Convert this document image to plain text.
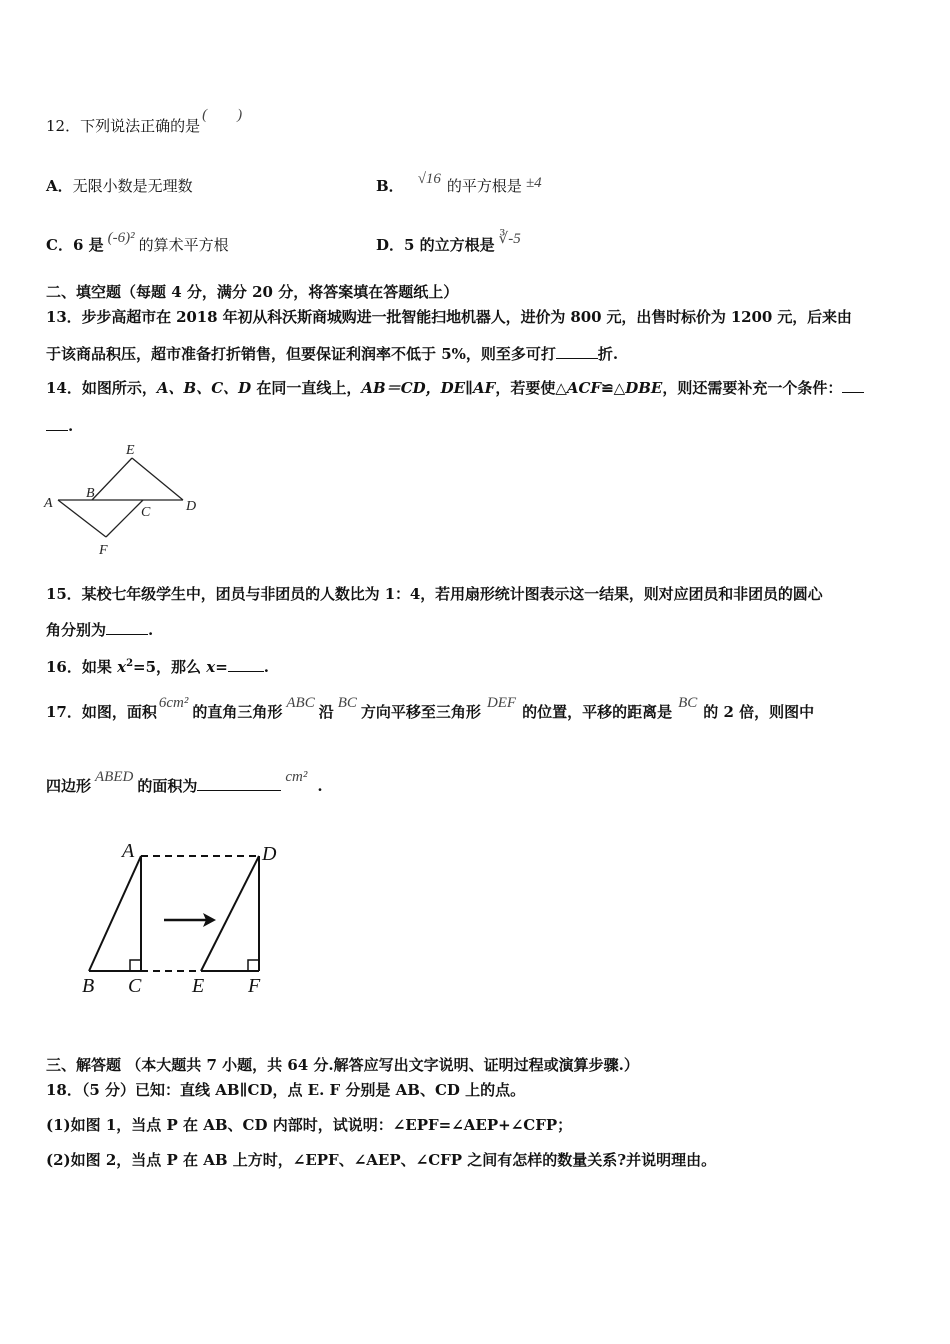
12．下列说法正确的是(　　)
A．无限小数是无理数	B． √16 的平方根是 ±4
C．6 是 (-6)² 的算术平方根	D．5 的立方根是 ∛-5
二、填空题（每题 4 分，满分 20 分，将答案填在答题纸上）
13．步步高超市在 2018 年初从科沃斯商城购进一批智能扫地机器人，进价为 800 元，出售时标价为 1200 元，后来由
于该商品积压，超市准备打折销售，但要保证利润率不低于 5%，则至多可打	折.
14．如图所示，A、B、C、D 在同一直线上，AB＝CD，DE∥AF，若要使△ACF≌△DBE，则还需要补充一个条件：
.
A
B
C	D
E
F
15．某校七年级学生中，团员与非团员的人数比为 1：4，若用扇形统计图表示这一结果，则对应团员和非团员的圆心
角分别为	.
16．如果 $x^2=5$，那么 x= .
17．如图，面积 6cm² 的直角三角形 ABC 沿 BC 方向平移至三角形 DEF 的位置，平移的距离是 BC 的 2 倍，则图中
四边形 ABED 的面积为	cm² .
A	D
B C	E F
三、解答题 （本大题共 7 小题，共 64 分.解答应写出文字说明、证明过程或演算步骤.）
18．（5 分）已知：直线 AB∥CD，点 E. F 分别是 AB、CD 上的点。
(1)如图 1，当点 P 在 AB、CD 内部时，试说明：∠EPF=∠AEP+∠CFP；
(2)如图 2，当点 P 在 AB 上方时，∠EPF、∠AEP、∠CFP 之间有怎样的数量关系?并说明理由。
